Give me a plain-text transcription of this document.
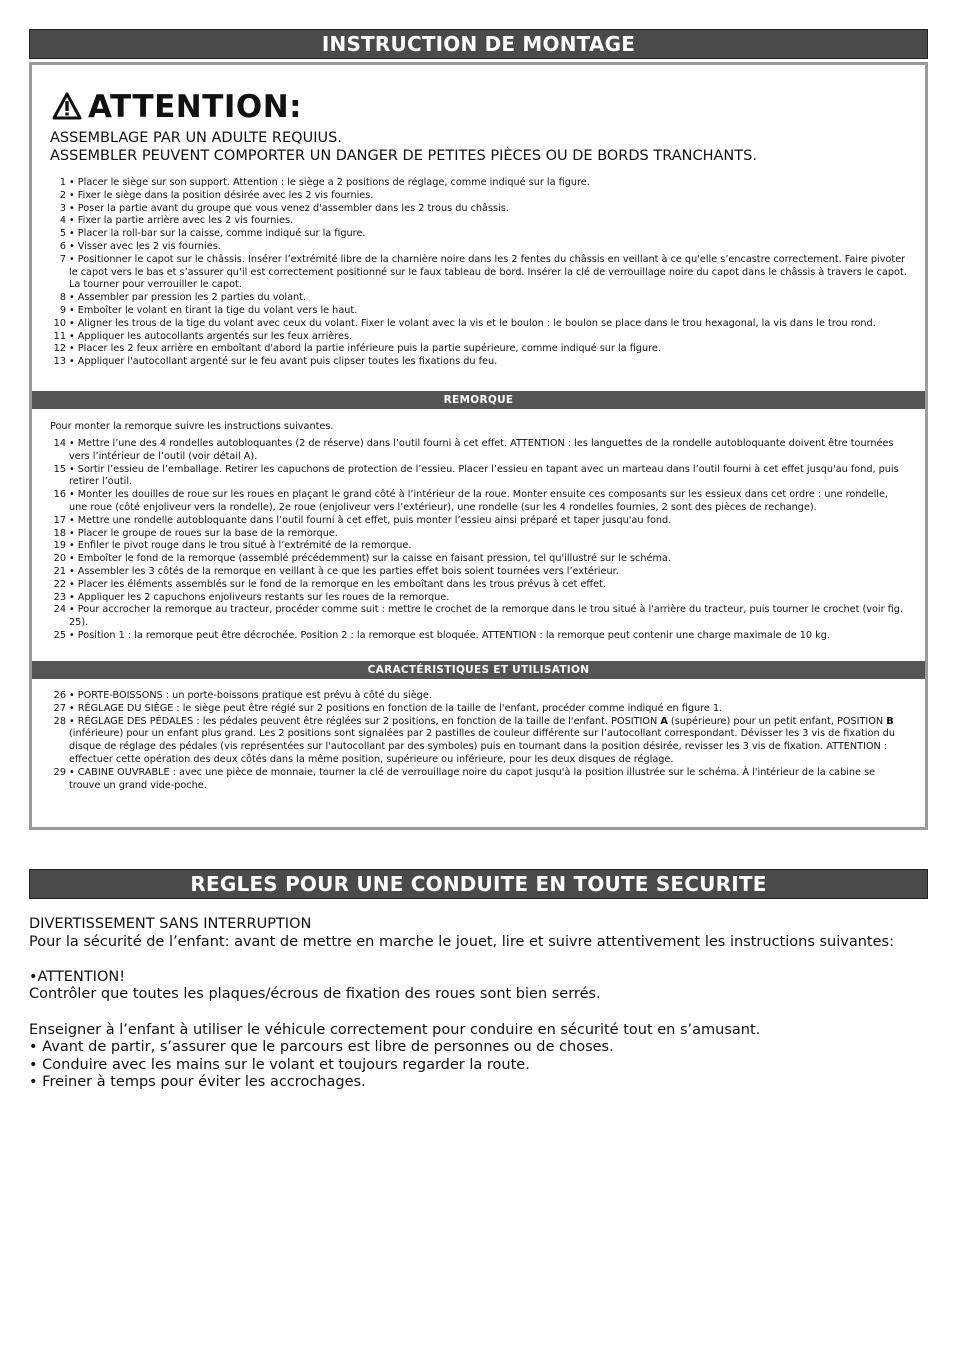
INSTRUCTION DE MONTAGE
ATTENTION:
ASSEMBLAGE PAR UN ADULTE REQUIUS.
ASSEMBLER PEUVENT COMPORTER UN DANGER DE PETITES PIÈCES OU DE BORDS TRANCHANTS.
1 • Placer le siège sur son support. Attention : le siège a 2 positions de réglage, comme indiqué sur la figure.
2 • Fixer le siège dans la position désirée avec les 2 vis fournies.
3 • Poser la partie avant du groupe que vous venez d'assembler dans les 2 trous du châssis.
4 • Fixer la partie arrière avec les 2 vis fournies.
5 • Placer la roll-bar sur la caisse, comme indiqué sur la figure.
6 • Visser avec les 2 vis fournies.
7 • Positionner le capot sur le châssis. Insérer l’extrémité libre de la charnière noire dans les 2 fentes du châssis en veillant à ce qu'elle s’encastre correctement. Faire pivoter le capot vers le bas et s’assurer qu’il est correctement positionné sur le faux tableau de bord. Insérer la clé de verrouillage noire du capot dans le châssis à travers le capot. La tourner pour verrouiller le capot.
8 • Assembler par pression les 2 parties du volant.
9 • Emboîter le volant en tirant la tige du volant vers le haut.
10 • Aligner les trous de la tige du volant avec ceux du volant. Fixer le volant avec la vis et le boulon : le boulon se place dans le trou hexagonal, la vis dans le trou rond.
11 • Appliquer les autocollants argentés sur les feux arrières.
12 • Placer les 2 feux arrière en emboîtant d'abord la partie inférieure puis la partie supérieure, comme indiqué sur la figure.
13 • Appliquer l'autocollant argenté sur le feu avant puis clipser toutes les fixations du feu.
REMORQUE
Pour monter la remorque suivre les instructions suivantes.
14 • Mettre l’une des 4 rondelles autobloquantes (2 de réserve) dans l’outil fourni à cet effet. ATTENTION : les languettes de la rondelle autobloquante doivent être tournées vers l’intérieur de l’outil (voir détail A).
15 • Sortir l’essieu de l’emballage. Retirer les capuchons de protection de l’essieu. Placer l’essieu en tapant avec un marteau dans l’outil fourni à cet effet jusqu'au fond, puis retirer l’outil.
16 • Monter les douilles de roue sur les roues en plaçant le grand côté à l’intérieur de la roue. Monter ensuite ces composants sur les essieux dans cet ordre : une rondelle, une roue (côté enjoliveur vers la rondelle), 2e roue (enjoliveur vers l’extérieur), une rondelle (sur les 4 rondelles fournies, 2 sont des pièces de rechange).
17 • Mettre une rondelle autobloquante dans l’outil fourni à cet effet, puis monter l’essieu ainsi préparé et taper jusqu'au fond.
18 • Placer le groupe de roues sur la base de la remorque.
19 • Enfiler le pivot rouge dans le trou situé à l’extrémité de la remorque.
20 • Emboîter le fond de la remorque (assemblé précédemment) sur la caisse en faisant pression, tel qu'illustré sur le schéma.
21 • Assembler les 3 côtés de la remorque en veillant à ce que les parties effet bois soient tournées vers l’extérieur.
22 • Placer les éléments assemblés sur le fond de la remorque en les emboîtant dans les trous prévus à cet effet.
23 • Appliquer les 2 capuchons enjoliveurs restants sur les roues de la remorque.
24 • Pour accrocher la remorque au tracteur, procéder comme suit : mettre le crochet de la remorque dans le trou situé à l'arrière du tracteur, puis tourner le crochet (voir fig. 25).
25 • Position 1 : la remorque peut être décrochée. Position 2 : la remorque est bloquée. ATTENTION : la remorque peut contenir une charge maximale de 10 kg.
CARACTÉRISTIQUES ET UTILISATION
26 • PORTE-BOISSONS : un porte-boissons pratique est prévu à côté du siège.
27 • RÉGLAGE DU SIÈGE : le siège peut être réglé sur 2 positions en fonction de la taille de l'enfant, procéder comme indiqué en figure 1.
28 • RÉGLAGE DES PÉDALES : les pédales peuvent être réglées sur 2 positions, en fonction de la taille de l'enfant. POSITION A (supérieure) pour un petit enfant, POSITION B (inférieure) pour un enfant plus grand. Les 2 positions sont signalées par 2 pastilles de couleur différente sur l’autocollant correspondant. Dévisser les 3 vis de fixation du disque de réglage des pédales (vis représentées sur l'autocollant par des symboles) puis en tournant dans la position désirée, revisser les 3 vis de fixation. ATTENTION : effectuer cette opération des deux côtés dans la même position, supérieure ou inférieure, pour les deux disques de réglage.
29 • CABINE OUVRABLE : avec une pièce de monnaie, tourner la clé de verrouillage noire du capot jusqu'à la position illustrée sur le schéma. À l'intérieur de la cabine se trouve un grand vide-poche.
REGLES POUR UNE CONDUITE EN TOUTE SECURITE

DIVERTISSEMENT SANS INTERRUPTION

Pour la sécurité de l’enfant: avant de mettre en marche le jouet, lire et suivre attentivement les instructions suivantes:

•ATTENTION!

Contrôler que toutes les plaques/écrous de fixation des roues sont bien serrés.

Enseigner à l’enfant à utiliser le véhicule correctement pour conduire en sécurité tout en s’amusant.

• Avant de partir, s’assurer que le parcours est libre de personnes ou de choses.

• Conduire avec les mains sur le volant et toujours regarder la route.

• Freiner à temps pour éviter les accrochages.
